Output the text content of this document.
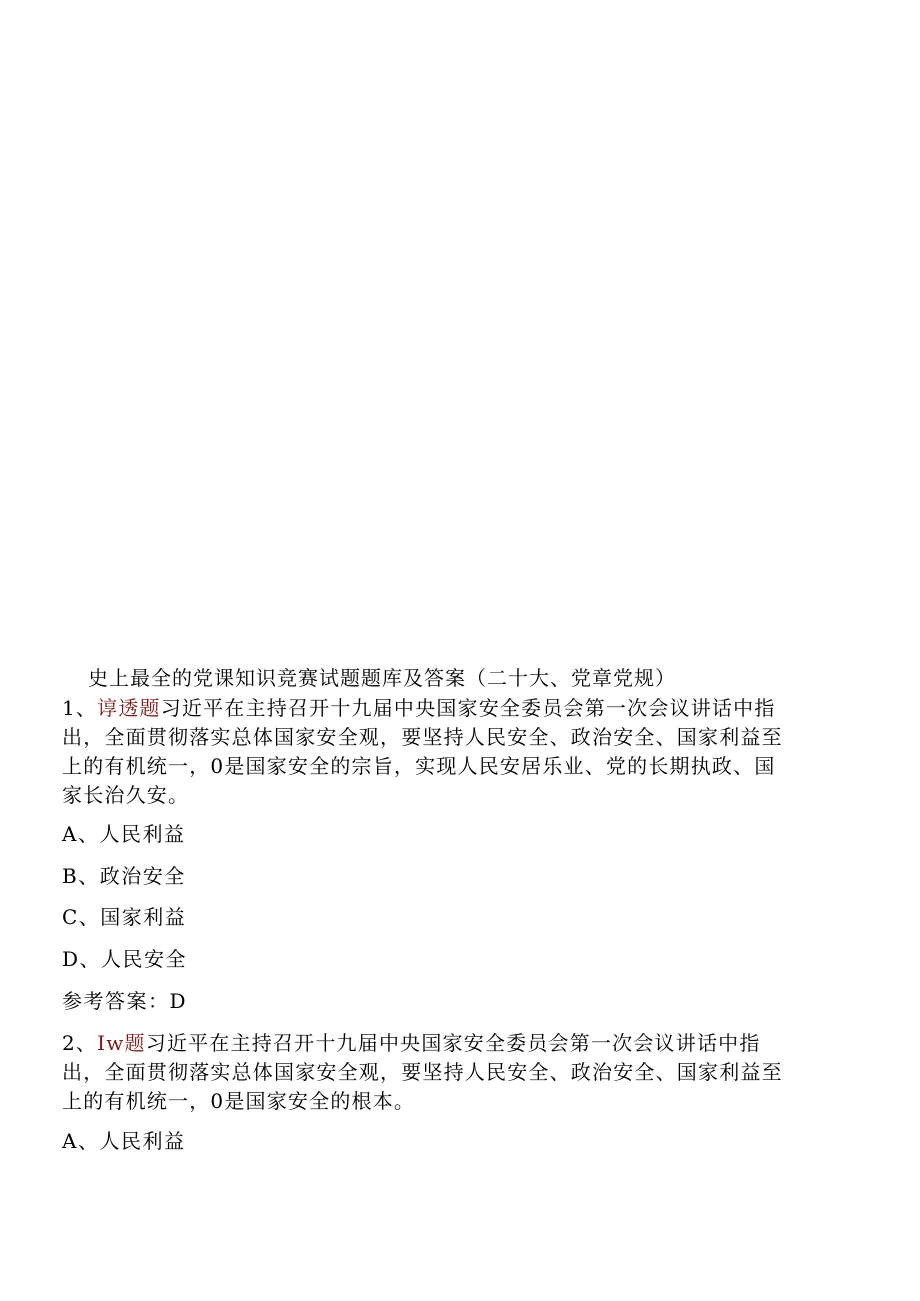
史上最全的党课知识竞赛试题题库及答案（二十大、党章党规）
1、谆透题习近平在主持召开十九届中央国家安全委员会第一次会议讲话中指
出，全面贯彻落实总体国家安全观，要坚持人民安全、政治安全、国家利益至
上的有机统一，0是国家安全的宗旨，实现人民安居乐业、党的长期执政、国
家长治久安。
A、人民利益
B、政治安全
C、国家利益
D、人民安全
参考答案：D
2、Iw题习近平在主持召开十九届中央国家安全委员会第一次会议讲话中指
出，全面贯彻落实总体国家安全观，要坚持人民安全、政治安全、国家利益至
上的有机统一，0是国家安全的根本。
A、人民利益
